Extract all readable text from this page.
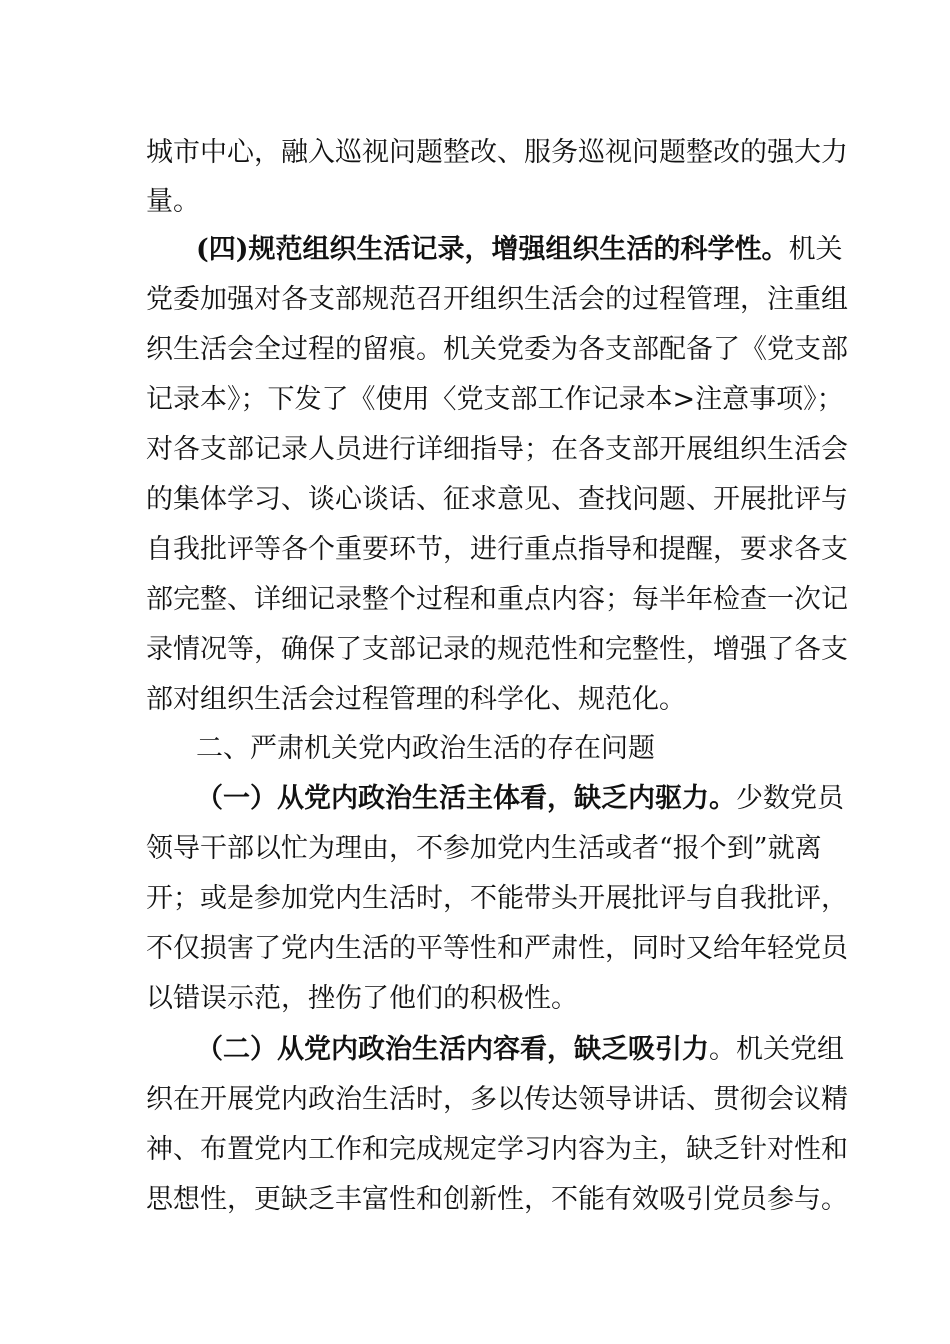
城市中心，融入巡视问题整改、服务巡视问题整改的强大力
量。
(四)规范组织生活记录，增强组织生活的科学性。机关
党委加强对各支部规范召开组织生活会的过程管理，注重组
织生活会全过程的留痕。机关党委为各支部配备了《党支部
记录本》；下发了《使用〈党支部工作记录本>注意事项》；
对各支部记录人员进行详细指导；在各支部开展组织生活会
的集体学习、谈心谈话、征求意见、查找问题、开展批评与
自我批评等各个重要环节，进行重点指导和提醒，要求各支
部完整、详细记录整个过程和重点内容；每半年检查一次记
录情况等，确保了支部记录的规范性和完整性，增强了各支
部对组织生活会过程管理的科学化、规范化。
二、严肃机关党内政治生活的存在问题
（一）从党内政治生活主体看，缺乏内驱力。少数党员
领导干部以忙为理由，不参加党内生活或者“报个到”就离
开；或是参加党内生活时，不能带头开展批评与自我批评，
不仅损害了党内生活的平等性和严肃性，同时又给年轻党员
以错误示范，挫伤了他们的积极性。
（二）从党内政治生活内容看，缺乏吸引力。机关党组
织在开展党内政治生活时，多以传达领导讲话、贯彻会议精
神、布置党内工作和完成规定学习内容为主，缺乏针对性和
思想性，更缺乏丰富性和创新性，不能有效吸引党员参与。
